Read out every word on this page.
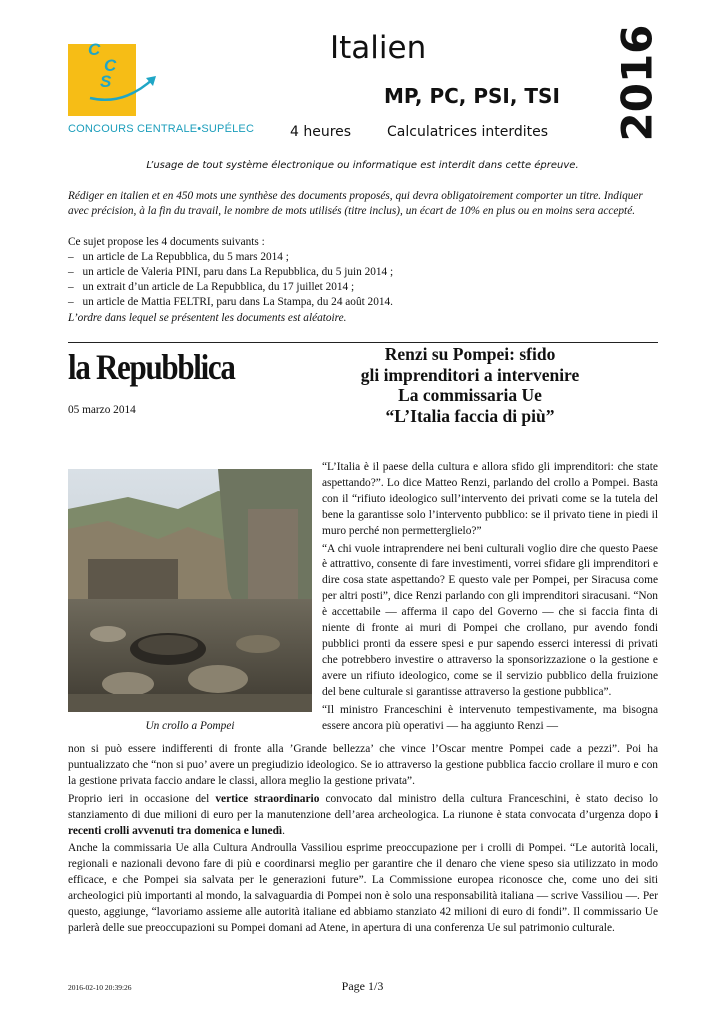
C
C
S
CONCOURS CENTRALE•SUPÉLEC
Italien	2016
MP, PC, PSI, TSI
4 heures	Calculatrices interdites
L’usage de tout système électronique ou informatique est interdit dans cette épreuve.
Rédiger en italien et en 450 mots une synthèse des documents proposés, qui devra obligatoirement comporter un titre. Indiquer avec précision, à la fin du travail, le nombre de mots utilisés (titre inclus), un écart de 10% en plus ou en moins sera accepté.
Ce sujet propose les 4 documents suivants :
– un article de La Repubblica, du 5 mars 2014 ;
– un article de Valeria PINI, paru dans La Repubblica, du 5 juin 2014 ;
– un extrait d’un article de La Repubblica, du 17 juillet 2014 ;
– un article de Mattia FELTRI, paru dans La Stampa, du 24 août 2014.
L’ordre dans lequel se présentent les documents est aléatoire.
la Repubblica
05 marzo 2014
Renzi su Pompei: sfido
gli imprenditori a intervenire
La commissaria Ue
“L’Italia faccia di più”
Un crollo a Pompei

“L’Italia è il paese della cultura e allora sfido gli imprenditori: che state aspettando?”. Lo dice Matteo Renzi, parlando del crollo a Pompei. Basta con il “rifiuto ideologico sull’intervento dei privati come se la tutela del bene la garantisse solo l’intervento pubblico: se il privato tiene in piedi il muro perché non permetterglielo?”

“A chi vuole intraprendere nei beni culturali voglio dire che questo Paese è attrattivo, consente di fare investimenti, vorrei sfidare gli imprenditori e dire cosa state aspettando? E questo vale per Pompei, per Siracusa come per altri posti”, dice Renzi parlando con gli imprenditori siracusani. “Non è accettabile — afferma il capo del Governo — che si faccia finta di niente di fronte ai muri di Pompei che crollano, pur avendo fondi pubblici pronti da essere spesi e pur sapendo esserci interessi di privati che potrebbero investire o attraverso la sponsorizzazione o la gestione e avere un rifiuto ideologico, come se il servizio pubblico della fruizione del bene culturale si garantisse attraverso la gestione pubblica”.

“Il ministro Franceschini è intervenuto tempestivamente, ma bisogna essere ancora più operativi — ha aggiunto Renzi —

non si può essere indifferenti di fronte alla ’Grande bellezza’ che vince l’Oscar mentre Pompei cade a pezzi”. Poi ha puntualizzato che “non si puo’ avere un pregiudizio ideologico. Se io attraverso la gestione pubblica faccio crollare il muro e con la gestione privata faccio andare le classi, allora meglio la gestione privata”.

Proprio ieri in occasione del vertice straordinario convocato dal ministro della cultura Franceschini, è stato deciso lo stanziamento di due milioni di euro per la manutenzione dell’area archeologica. La riunone è stata convocata d’urgenza dopo i recenti crolli avvenuti tra domenica e lunedì.

Anche la commissaria Ue alla Cultura Androulla Vassiliou esprime preoccupazione per i crolli di Pompei. “Le autorità locali, regionali e nazionali devono fare di più e coordinarsi meglio per garantire che il denaro che viene speso sia utilizzato in modo efficace, e che Pompei sia salvata per le generazioni future”. La Commissione europea riconosce che, come uno dei siti archeologici più importanti al mondo, la salvaguardia di Pompei non è solo una responsabilità italiana — scrive Vassiliou —. Per questo, aggiunge, “lavoriamo assieme alle autorità italiane ed abbiamo stanziato 42 milioni di euro di fondi”. Il commissario Ue parlerà delle sue preoccupazioni su Pompei domani ad Atene, in apertura di una conferenza Ue sul patrimonio culturale.

2016-02-10 20:39:26	Page 1/3
